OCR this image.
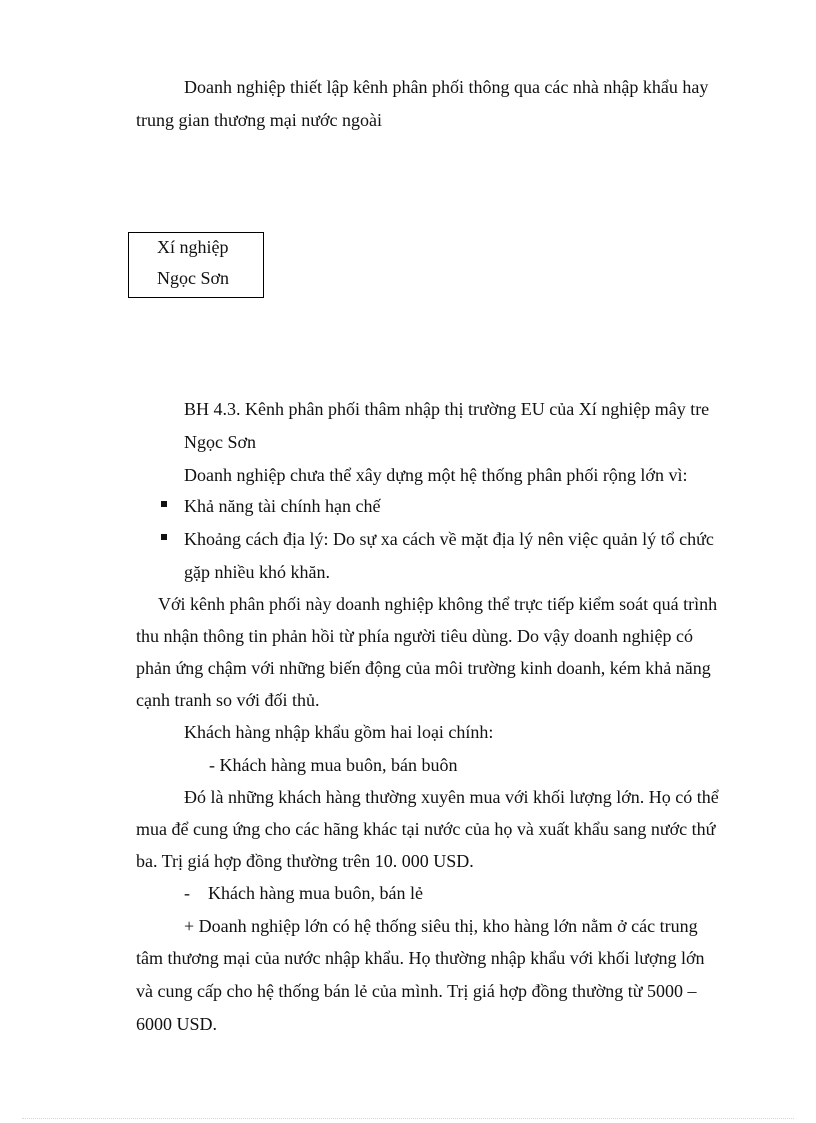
Doanh nghiệp thiết lập kênh phân phối thông qua các nhà nhập khẩu hay
trung gian thương mại nước ngoài
Xí nghiệp
Ngọc Sơn
BH 4.3. Kênh phân phối thâm nhập thị trường EU của Xí nghiệp mây tre
Ngọc Sơn
Doanh nghiệp chưa thể xây dựng một hệ thống phân phối rộng lớn vì:
Khả năng tài chính hạn chế
Khoảng cách địa lý: Do sự xa cách về mặt địa lý nên việc quản lý tổ chức
gặp nhiều khó khăn.
Với kênh phân phối này doanh nghiệp không thể trực tiếp kiểm soát quá trình
thu nhận thông tin phản hồi từ phía người tiêu dùng. Do vậy doanh nghiệp có
phản ứng chậm với những biến động của môi trường kinh doanh, kém khả năng
cạnh tranh so với đối thủ.
Khách hàng nhập khẩu gồm hai loại chính:
- Khách hàng mua buôn, bán buôn
Đó là những khách hàng thường xuyên mua với khối lượng lớn. Họ có thể
mua để cung ứng cho các hãng khác tại nước của họ và xuất khẩu sang nước thứ
ba. Trị giá hợp đồng thường trên 10. 000 USD.
- Khách hàng mua buôn, bán lẻ
+ Doanh nghiệp lớn có hệ thống siêu thị, kho hàng lớn nằm ở các trung
tâm thương mại của nước nhập khẩu. Họ thường nhập khẩu với khối lượng lớn
và cung cấp cho hệ thống bán lẻ của mình. Trị giá hợp đồng thường từ 5000 –
6000 USD.
